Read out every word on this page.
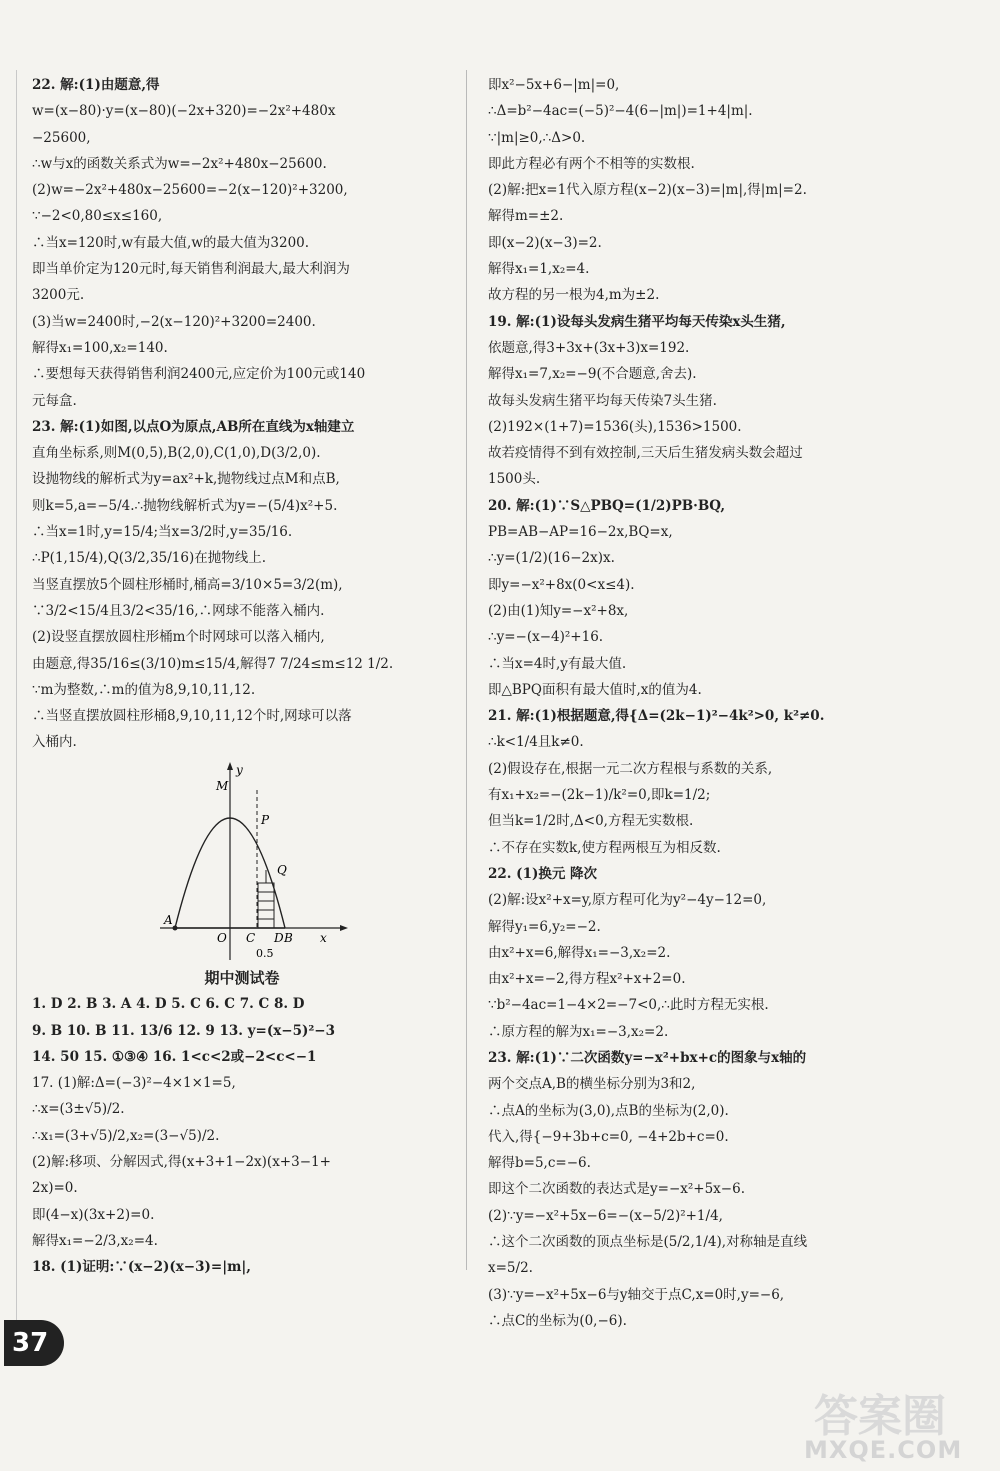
22. 解:(1)由题意,得
w=(x−80)·y=(x−80)(−2x+320)=−2x²+480x
−25600,
∴w与x的函数关系式为w=−2x²+480x−25600.
(2)w=−2x²+480x−25600=−2(x−120)²+3200,
∵−2<0,80≤x≤160,
∴当x=120时,w有最大值,w的最大值为3200.
即当单价定为120元时,每天销售利润最大,最大利润为
3200元.
(3)当w=2400时,−2(x−120)²+3200=2400.
解得x₁=100,x₂=140.
∴要想每天获得销售利润2400元,应定价为100元或140
元每盒.
23. 解:(1)如图,以点O为原点,AB所在直线为x轴建立
直角坐标系,则M(0,5),B(2,0),C(1,0),D(3/2,0).
设抛物线的解析式为y=ax²+k,抛物线过点M和点B,
则k=5,a=−5/4.∴抛物线解析式为y=−(5/4)x²+5.
∴当x=1时,y=15/4;当x=3/2时,y=35/16.
∴P(1,15/4),Q(3/2,35/16)在抛物线上.
当竖直摆放5个圆柱形桶时,桶高=3/10×5=3/2(m),
∵3/2<15/4且3/2<35/16,∴网球不能落入桶内.
(2)设竖直摆放圆柱形桶m个时网球可以落入桶内,
由题意,得35/16≤(3/10)m≤15/4,解得7 7/24≤m≤12 1/2.
∵m为整数,∴m的值为8,9,10,11,12.
∴当竖直摆放圆柱形桶8,9,10,11,12个时,网球可以落
入桶内.
y
M
P
Q
A
O C D B x
0.5
期中测试卷
1. D 2. B 3. A 4. D 5. C 6. C 7. C 8. D
9. B 10. B 11. 13/6 12. 9 13. y=(x−5)²−3
14. 50 15. ①③④ 16. 1<c<2或−2<c<−1
17. (1)解:Δ=(−3)²−4×1×1=5,
∴x=(3±√5)/2.
∴x₁=(3+√5)/2,x₂=(3−√5)/2.
(2)解:移项、分解因式,得(x+3+1−2x)(x+3−1+
2x)=0.
即(4−x)(3x+2)=0.
解得x₁=−2/3,x₂=4.
18. (1)证明:∵(x−2)(x−3)=|m|,
即x²−5x+6−|m|=0,
∴Δ=b²−4ac=(−5)²−4(6−|m|)=1+4|m|.
∵|m|≥0,∴Δ>0.
即此方程必有两个不相等的实数根.
(2)解:把x=1代入原方程(x−2)(x−3)=|m|,得|m|=2.
解得m=±2.
即(x−2)(x−3)=2.
解得x₁=1,x₂=4.
故方程的另一根为4,m为±2.
19. 解:(1)设每头发病生猪平均每天传染x头生猪,
依题意,得3+3x+(3x+3)x=192.
解得x₁=7,x₂=−9(不合题意,舍去).
故每头发病生猪平均每天传染7头生猪.
(2)192×(1+7)=1536(头),1536>1500.
故若疫情得不到有效控制,三天后生猪发病头数会超过
1500头.
20. 解:(1)∵S△PBQ=(1/2)PB·BQ,
PB=AB−AP=16−2x,BQ=x,
∴y=(1/2)(16−2x)x.
即y=−x²+8x(0<x≤4).
(2)由(1)知y=−x²+8x,
∴y=−(x−4)²+16.
∴当x=4时,y有最大值.
即△BPQ面积有最大值时,x的值为4.
21. 解:(1)根据题意,得{Δ=(2k−1)²−4k²>0, k²≠0.
∴k<1/4且k≠0.
(2)假设存在,根据一元二次方程根与系数的关系,
有x₁+x₂=−(2k−1)/k²=0,即k=1/2;
但当k=1/2时,Δ<0,方程无实数根.
∴不存在实数k,使方程两根互为相反数.
22. (1)换元 降次
(2)解:设x²+x=y,原方程可化为y²−4y−12=0,
解得y₁=6,y₂=−2.
由x²+x=6,解得x₁=−3,x₂=2.
由x²+x=−2,得方程x²+x+2=0.
∵b²−4ac=1−4×2=−7<0,∴此时方程无实根.
∴原方程的解为x₁=−3,x₂=2.
23. 解:(1)∵二次函数y=−x²+bx+c的图象与x轴的
两个交点A,B的横坐标分别为3和2,
∴点A的坐标为(3,0),点B的坐标为(2,0).
代入,得{−9+3b+c=0, −4+2b+c=0.
解得b=5,c=−6.
即这个二次函数的表达式是y=−x²+5x−6.
(2)∵y=−x²+5x−6=−(x−5/2)²+1/4,
∴这个二次函数的顶点坐标是(5/2,1/4),对称轴是直线
x=5/2.
(3)∵y=−x²+5x−6与y轴交于点C,x=0时,y=−6,
∴点C的坐标为(0,−6).
37
答案圈
MXQE.COM
